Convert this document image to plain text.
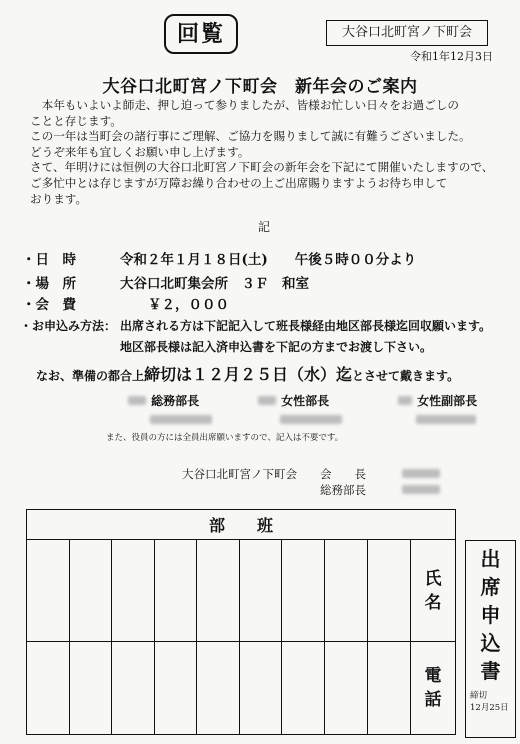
回覧	大谷口北町宮ノ下町会
令和1年12月3日
大谷口北町宮ノ下町会　新年会のご案内

　本年もいよいよ師走、押し迫って参りましたが、皆様お忙しい日々をお過ごしの

ことと存じます。

この一年は当町会の諸行事にご理解、ご協力を賜りまして誠に有難うございました。

どうぞ来年も宜しくお願い申し上げます。

さて、年明けには恒例の大谷口北町宮ノ下町会の新年会を下記にて開催いたしますので、

ご多忙中とは存じますが万障お繰り合わせの上ご出席賜りますようお待ち申して

おります。

記
・日　時	令和２年１月１８日(土)　　午後５時００分より
・場　所	大谷口北町集会所　３Ｆ　和室
・会　費	￥２，０００
・お申込み方法： 出席される方は下記記入して班長様経由地区部長様迄回収願います。
地区部長様は記入済申込書を下記の方までお渡し下さい。
なお、準備の都合上締切は１２月２５日（水）迄とさせて戴きます。
総務部長	女性部長	女性副部長

また、役員の方には全員出席願いますので、記入は不要です。
大谷口北町宮ノ下町会 会　　長
総務部長
部　　班									
									氏名
									電話
出席申込書
締切
12月25日
